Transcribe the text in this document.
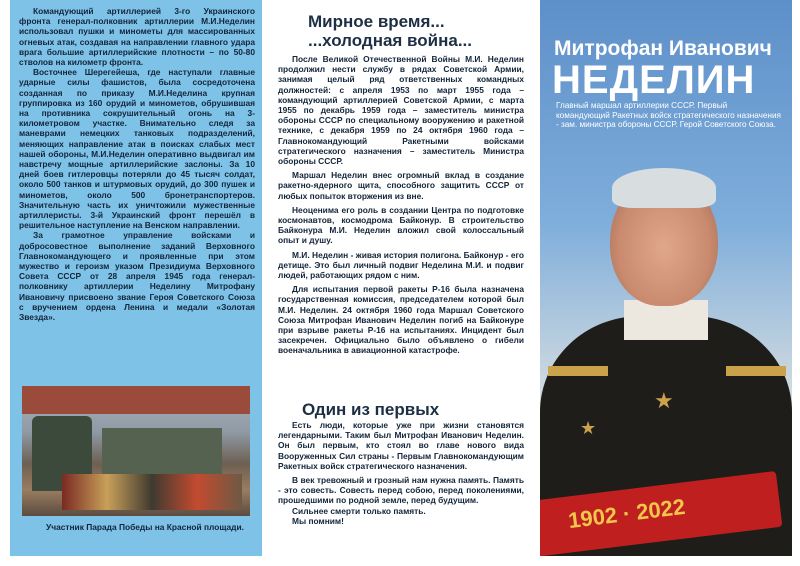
Командующий артиллерией 3-го Украинского фронта генерал-полковник артиллерии М.И.Неделин использовал пушки и минометы для массированных огневых атак, создавая на направлении главного удара врага большие артиллерийские плотности – по 50-80 стволов на километр фронта.

Восточнее Шерегейеша, где наступали главные ударные силы фашистов, была сосредоточена созданная по приказу М.И.Неделина крупная группировка из 160 орудий и минометов, обрушившая на противника сокрушительный огонь на 3-километровом участке. Внимательно следя за маневрами немецких танковых подразделений, меняющих направление атак в поисках слабых мест нашей обороны, М.И.Неделин оперативно выдвигал им навстречу мощные артиллерийские заслоны. За 10 дней боев гитлеровцы потеряли до 45 тысяч солдат, около 500 танков и штурмовых орудий, до 300 пушек и минометов, около 500 бронетранспортеров. Значительную часть их уничтожили мужественные артиллеристы. 3-й Украинский фронт перешёл в решительное наступление на Венском направлении.

За грамотное управление войсками и добросовестное выполнение заданий Верховного Главнокомандующего и проявленные при этом мужество и героизм указом Президиума Верховного Совета СССР от 28 апреля 1945 года генерал-полковнику артиллерии Неделину Митрофану Ивановичу присвоено звание Героя Советского Союза с вручением ордена Ленина и медали «Золотая Звезда».

Участник Парада Победы на Красной площади.

Мирное время...

...холодная война...

После Великой Отечественной Войны М.И. Неделин продолжил нести службу в рядах Советской Армии, занимая целый ряд ответственных командных должностей: с апреля 1953 по март 1955 года – командующий артиллерией Советской Армии, с марта 1955 по декабрь 1959 года – заместитель министра обороны СССР по специальному вооружению и ракетной технике, с декабря 1959 по 24 октября 1960 года – Главнокомандующий Ракетными войсками стратегического назначения – заместитель Министра обороны СССР.

Маршал Неделин внес огромный вклад в создание ракетно-ядерного щита, способного защитить СССР от любых попыток вторжения из вне.

Неоценима его роль в создании Центра по подготовке космонавтов, космодрома Байконур. В строительство Байконура М.И. Неделин вложил свой колоссальный опыт и душу.

М.И. Неделин - живая история полигона. Байконур - его детище. Это был личный подвиг Неделина М.И. и подвиг людей, работающих рядом с ним.

Для испытания первой ракеты Р-16 была назначена государственная комиссия, председателем которой был М.И. Неделин. 24 октября 1960 года Маршал Советского Союза Митрофан Иванович Неделин погиб на Байконуре при взрыве ракеты Р-16 на испытаниях. Инцидент был засекречен. Официально было объявлено о гибели военачальника в авиационной катастрофе.

Один из первых

Есть люди, которые уже при жизни становятся легендарными. Таким был Митрофан Иванович Неделин. Он был первым, кто стоял во главе нового вида Вооруженных Сил страны - Первым Главнокомандующим Ракетных войск стратегического назначения.

В век тревожный и грозный нам нужна память. Память - это совесть. Совесть перед собою, перед поколениями, прошедшими по родной земле, перед будущим.

Сильнее смерти только память.

Мы помним!

Митрофан Иванович
НЕДЕЛИН

Главный маршал артиллерии СССР. Первый командующий Ракетных войск стратегического назначения - зам. министра обороны СССР. Герой Советского Союза.

★
★
1902 · 2022
